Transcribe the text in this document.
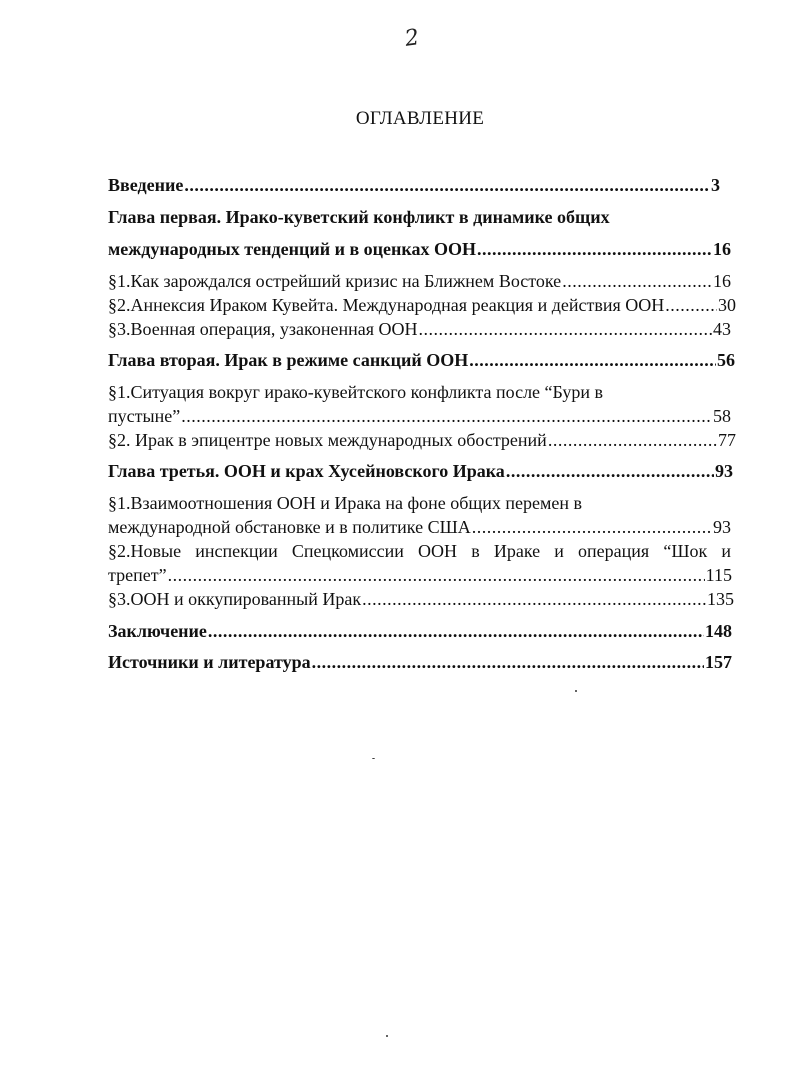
2
ОГЛАВЛЕНИЕ
Введение .....	3
Глава первая. Ирако-куветский конфликт в динамике общих
международных тенденций и в оценках ООН .....	16
§1.Как зарождался острейший кризис на Ближнем Востоке .....	16
§2.Аннексия Ираком Кувейта. Международная реакция и действия ООН .....	30
§3.Военная операция, узаконенная ООН .....	43
Глава вторая. Ирак в режиме санкций ООН .....	56
§1.Ситуация вокруг ирако-кувейтского конфликта после “Бури в
пустыне” .....	58
§2. Ирак в эпицентре новых международных обострений .....	77
Глава третья. ООН и крах Хусейновского Ирака .....	93
§1.Взаимоотношения ООН и Ирака на фоне общих перемен в
международной обстановке и в политике США .....	93
§2.Новые инспекции Спецкомиссии ООН в Ираке и операция “Шок и
трепет” .....	115
§3.ООН и оккупированный Ирак .....	135
Заключение .....	148
Источники и литература .....	157
